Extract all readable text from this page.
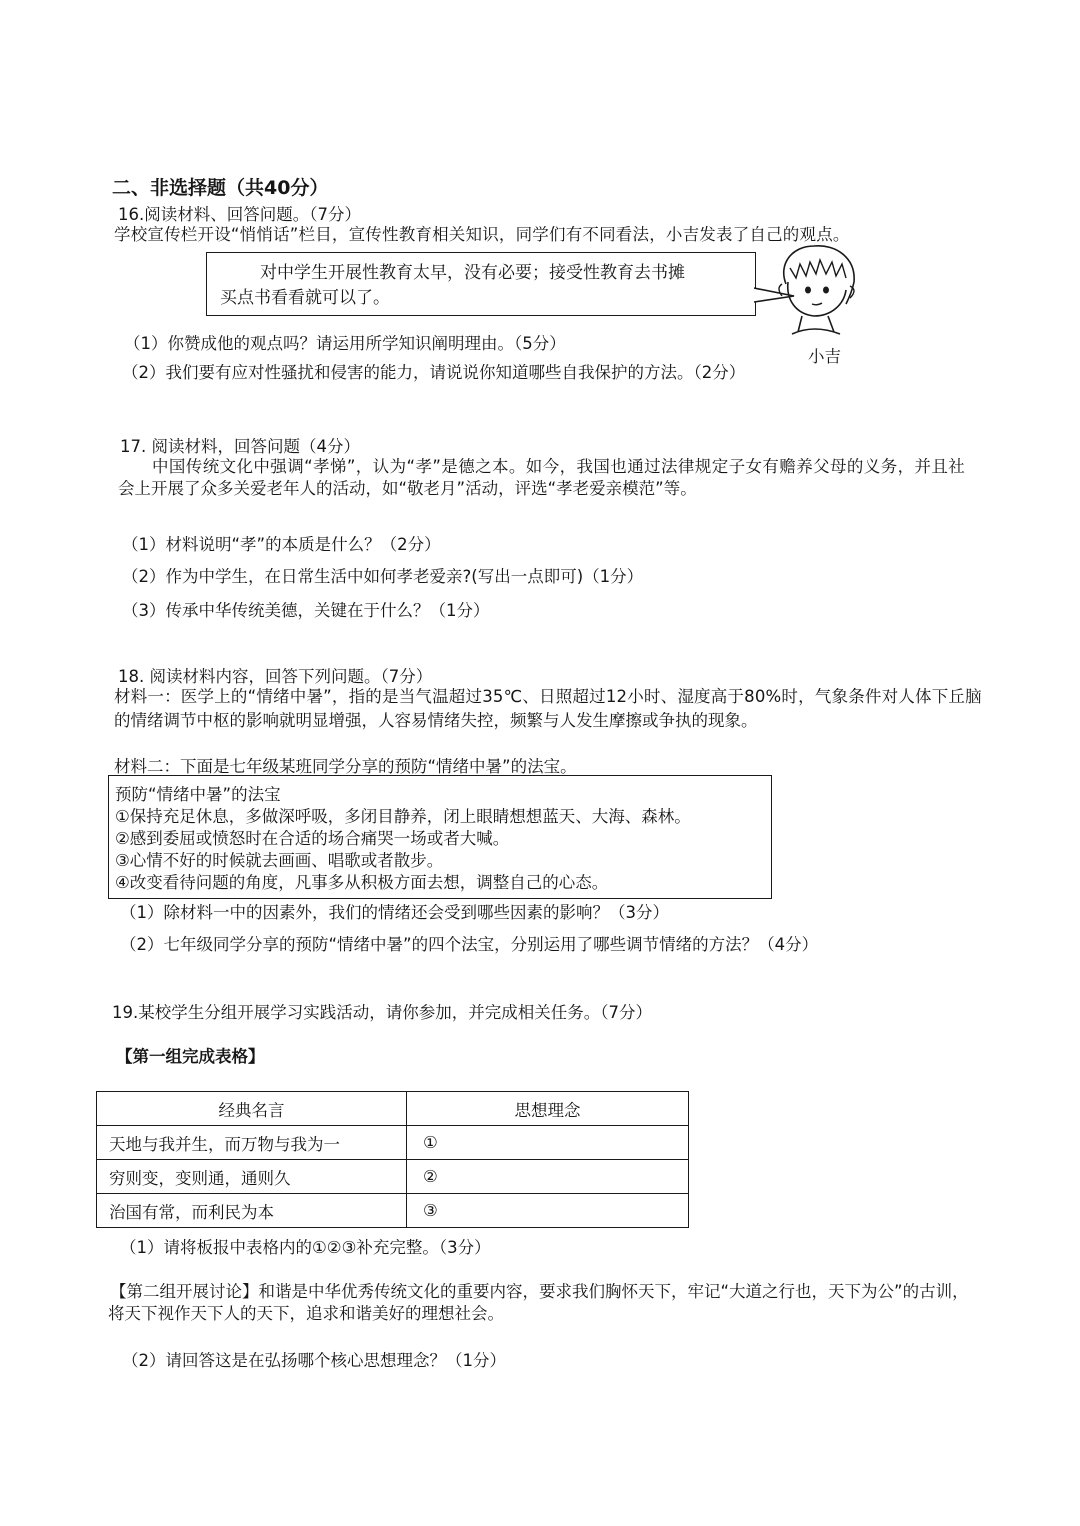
二、非选择题（共40分）
16.阅读材料、回答问题。（7分）
学校宣传栏开设“悄悄话”栏目，宣传性教育相关知识，同学们有不同看法，小吉发表了自己的观点。
对中学生开展性教育太早，没有必要；接受性教育去书摊
买点书看看就可以了。
（1）你赞成他的观点吗？请运用所学知识阐明理由。（5分）
小吉
（2）我们要有应对性骚扰和侵害的能力，请说说你知道哪些自我保护的方法。（2分）
17. 阅读材料，回答问题（4分）
中国传统文化中强调“孝悌”，认为“孝”是德之本。如今，我国也通过法律规定子女有赡养父母的义务，并且社
会上开展了众多关爱老年人的活动，如“敬老月”活动，评选“孝老爱亲模范”等。
（1）材料说明“孝”的本质是什么？（2分）
（2）作为中学生，在日常生活中如何孝老爱亲?(写出一点即可)（1分）
（3）传承中华传统美德，关键在于什么？（1分）
18. 阅读材料内容，回答下列问题。（7分）
材料一：医学上的“情绪中暑”，指的是当气温超过35℃、日照超过12小时、湿度高于80%时，气象条件对人体下丘脑
的情绪调节中枢的影响就明显增强，人容易情绪失控，频繁与人发生摩擦或争执的现象。
材料二：下面是七年级某班同学分享的预防“情绪中暑”的法宝。
预防“情绪中暑”的法宝
①保持充足休息，多做深呼吸，多闭目静养，闭上眼睛想想蓝天、大海、森林。
②感到委屈或愤怒时在合适的场合痛哭一场或者大喊。
③心情不好的时候就去画画、唱歌或者散步。
④改变看待问题的角度，凡事多从积极方面去想，调整自己的心态。
（1）除材料一中的因素外，我们的情绪还会受到哪些因素的影响？（3分）
（2）七年级同学分享的预防“情绪中暑”的四个法宝，分别运用了哪些调节情绪的方法？（4分）
19.某校学生分组开展学习实践活动，请你参加，并完成相关任务。（7分）
【第一组完成表格】
经典名言	思想理念
天地与我并生，而万物与我为一	①
穷则变，变则通，通则久	②
治国有常，而利民为本	③
（1）请将板报中表格内的①②③补充完整。（3分）
【第二组开展讨论】和谐是中华优秀传统文化的重要内容，要求我们胸怀天下，牢记“大道之行也，天下为公”的古训，
将天下视作天下人的天下，追求和谐美好的理想社会。
（2）请回答这是在弘扬哪个核心思想理念？（1分）
